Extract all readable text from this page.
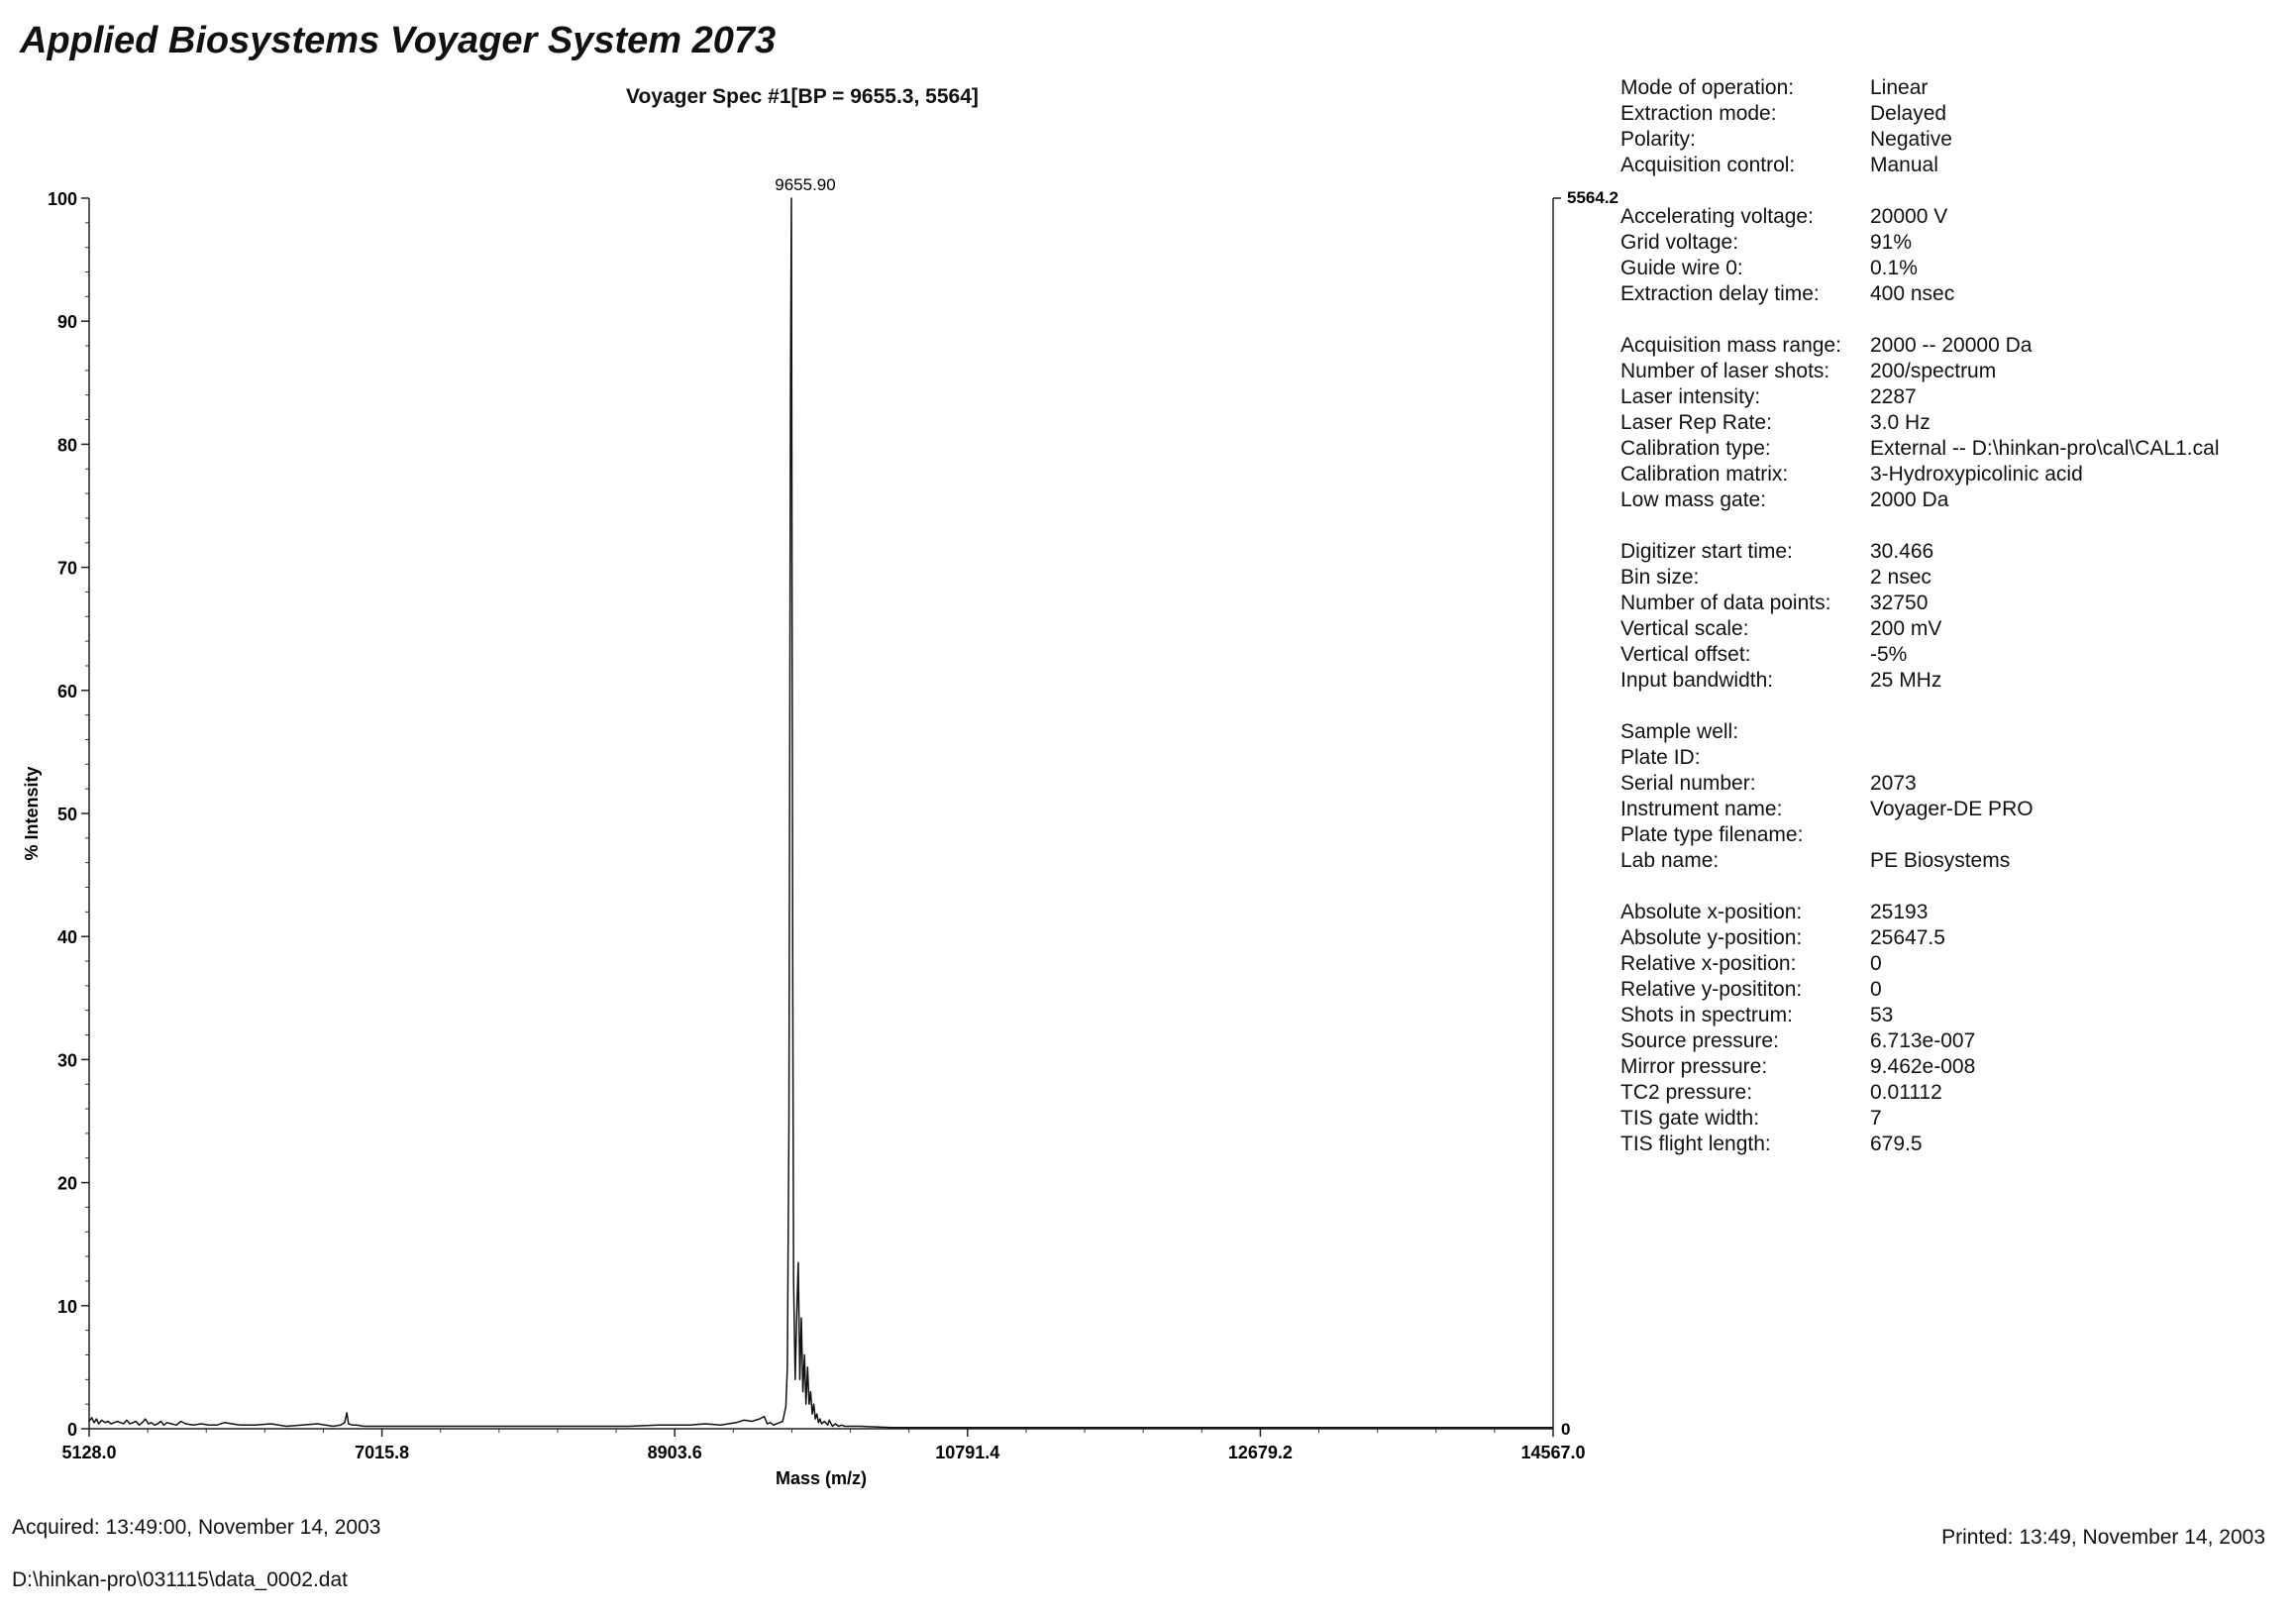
Applied Biosystems Voyager System 2073
Voyager Spec #1[BP = 9655.3, 5564]
0
10
20
30
40
50
60
70
80
90
100
5128.0	7015.8	8903.6	10791.4	12679.2	14567.0
5564.2
0
Mass (m/z)
% Intensity
9655.90
Mode of operation:	Linear
Extraction mode:	Delayed
Polarity:	Negative
Acquisition control:	Manual
Accelerating voltage:	20000 V
Grid voltage:	91%
Guide wire 0:	0.1%
Extraction delay time:	400 nsec
Acquisition mass range:	2000 -- 20000 Da
Number of laser shots:	200/spectrum
Laser intensity:	2287
Laser Rep Rate:	3.0 Hz
Calibration type:	External -- D:\hinkan-pro\cal\CAL1.cal
Calibration matrix:	3-Hydroxypicolinic acid
Low mass gate:	2000 Da
Digitizer start time:	30.466
Bin size:	2 nsec
Number of data points:	32750
Vertical scale:	200 mV
Vertical offset:	-5%
Input bandwidth:	25 MHz
Sample well:
Plate ID:
Serial number:	2073
Instrument name:	Voyager-DE PRO
Plate type filename:
Lab name:	PE Biosystems
Absolute x-position:	25193
Absolute y-position:	25647.5
Relative x-position:	0
Relative y-posititon:	0
Shots in spectrum:	53
Source pressure:	6.713e-007
Mirror pressure:	9.462e-008
TC2 pressure:	0.01112
TIS gate width:	7
TIS flight length:	679.5
Acquired: 13:49:00, November 14, 2003
D:\hinkan-pro\031115\data_0002.dat
Printed: 13:49, November 14, 2003
